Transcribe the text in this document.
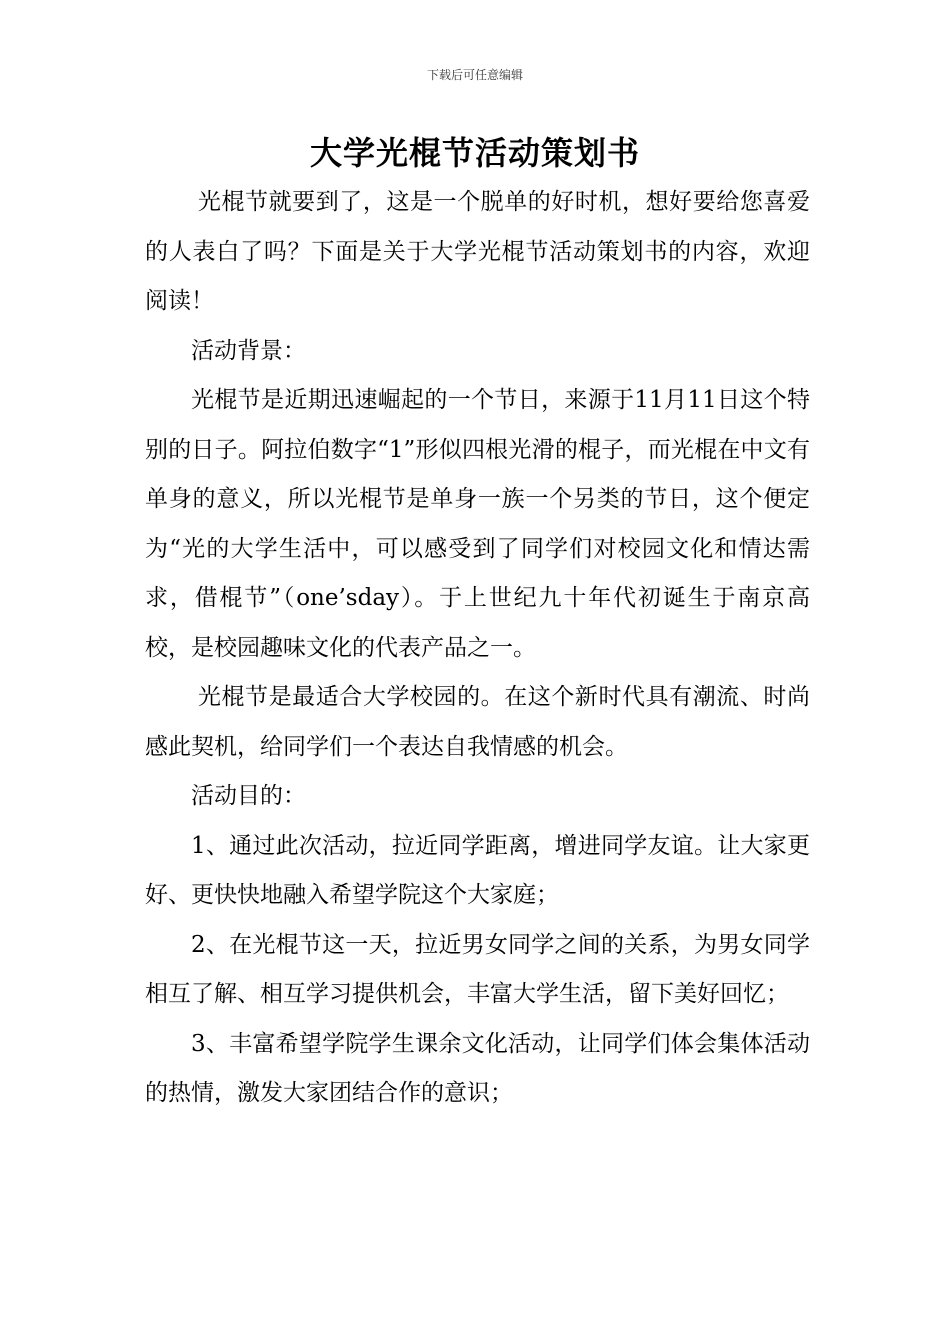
下载后可任意编辑
大学光棍节活动策划书

光棍节就要到了，这是一个脱单的好时机，想好要给您喜爱的人表白了吗？下面是关于大学光棍节活动策划书的内容，欢迎阅读！

活动背景：

光棍节是近期迅速崛起的一个节日，来源于11月11日这个特别的日子。阿拉伯数字“1”形似四根光滑的棍子，而光棍在中文有单身的意义，所以光棍节是单身一族一个另类的节日，这个便定为“光的大学生活中，可以感受到了同学们对校园文化和情达需求，借棍节”（one’sday）。于上世纪九十年代初诞生于南京高校，是校园趣味文化的代表产品之一。

光棍节是最适合大学校园的。在这个新时代具有潮流、时尚感此契机，给同学们一个表达自我情感的机会。

活动目的：

1、通过此次活动，拉近同学距离，增进同学友谊。让大家更好、更快快地融入希望学院这个大家庭；

2、在光棍节这一天，拉近男女同学之间的关系，为男女同学相互了解、相互学习提供机会，丰富大学生活，留下美好回忆；

3、丰富希望学院学生课余文化活动，让同学们体会集体活动的热情，激发大家团结合作的意识；
